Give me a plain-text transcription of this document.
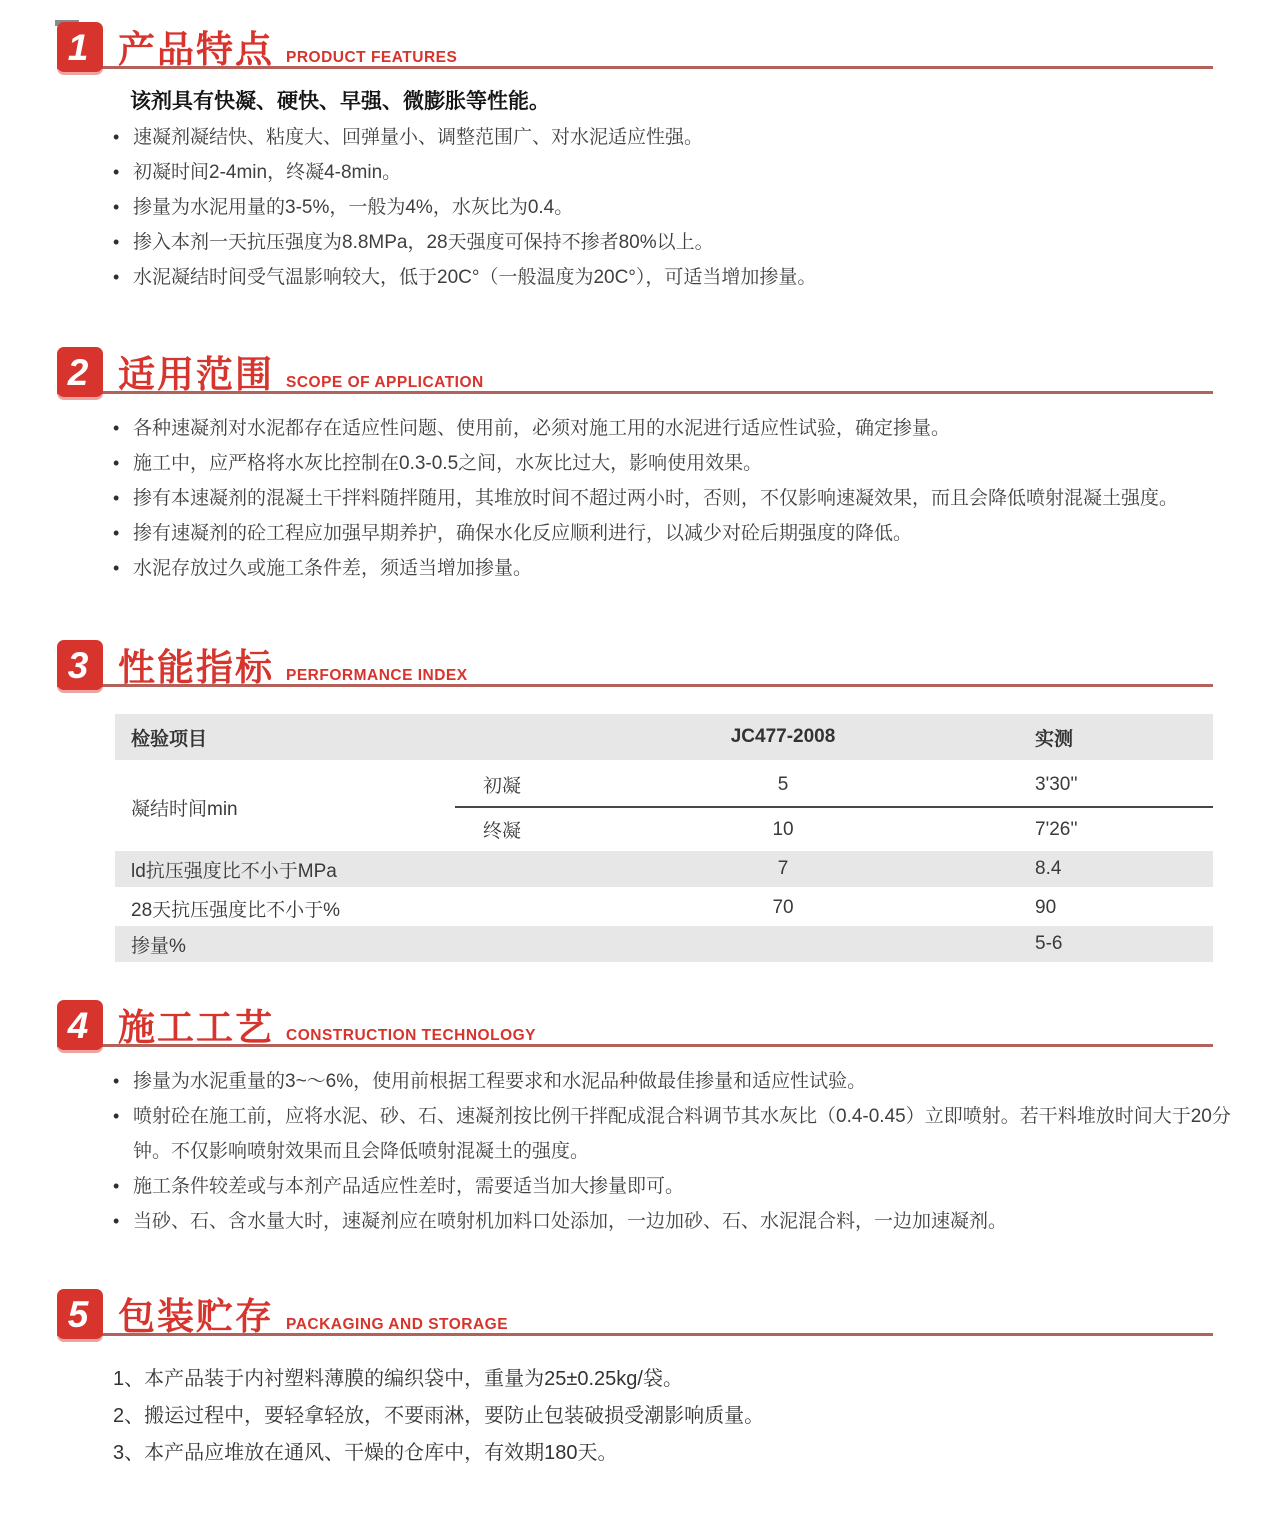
1 产品特点 PRODUCT FEATURES
该剂具有快凝、硬快、早强、微膨胀等性能。
• 速凝剂凝结快、粘度大、回弹量小、调整范围广、对水泥适应性强。
• 初凝时间2-4min，终凝4-8min。
• 掺量为水泥用量的3-5%，一般为4%，水灰比为0.4。
• 掺入本剂一天抗压强度为8.8MPa，28天强度可保持不掺者80%以上。
• 水泥凝结时间受气温影响较大，低于20C°（一般温度为20C°），可适当增加掺量。
2 适用范围 SCOPE OF APPLICATION
• 各种速凝剂对水泥都存在适应性问题、使用前，必须对施工用的水泥进行适应性试验，确定掺量。
• 施工中，应严格将水灰比控制在0.3-0.5之间，水灰比过大，影响使用效果。
• 掺有本速凝剂的混凝土干拌料随拌随用，其堆放时间不超过两小时，否则，不仅影响速凝效果，而且会降低喷射混凝土强度。
• 掺有速凝剂的砼工程应加强早期养护，确保水化反应顺利进行，以减少对砼后期强度的降低。
• 水泥存放过久或施工条件差，须适当增加掺量。
3 性能指标 PERFORMANCE INDEX
检验项目		JC477-2008	实测
凝结时间min	初凝	5	3'30''
	终凝	10	7'26''
ld抗压强度比不小于MPa		7	8.4
28天抗压强度比不小于%		70	90
掺量%			5-6
4 施工工艺 CONSTRUCTION TECHNOLOGY
• 掺量为水泥重量的3~～6%，使用前根据工程要求和水泥品种做最佳掺量和适应性试验。
• 喷射砼在施工前，应将水泥、砂、石、速凝剂按比例干拌配成混合料调节其水灰比（0.4-0.45）立即喷射。若干料堆放时间大于20分钟。不仅影响喷射效果而且会降低喷射混凝土的强度。
• 施工条件较差或与本剂产品适应性差时，需要适当加大掺量即可。
• 当砂、石、含水量大时，速凝剂应在喷射机加料口处添加，一边加砂、石、水泥混合料，一边加速凝剂。
5 包装贮存 PACKAGING AND STORAGE
1、本产品装于内衬塑料薄膜的编织袋中，重量为25±0.25kg/袋。
2、搬运过程中，要轻拿轻放，不要雨淋，要防止包装破损受潮影响质量。
3、本产品应堆放在通风、干燥的仓库中，有效期180天。
